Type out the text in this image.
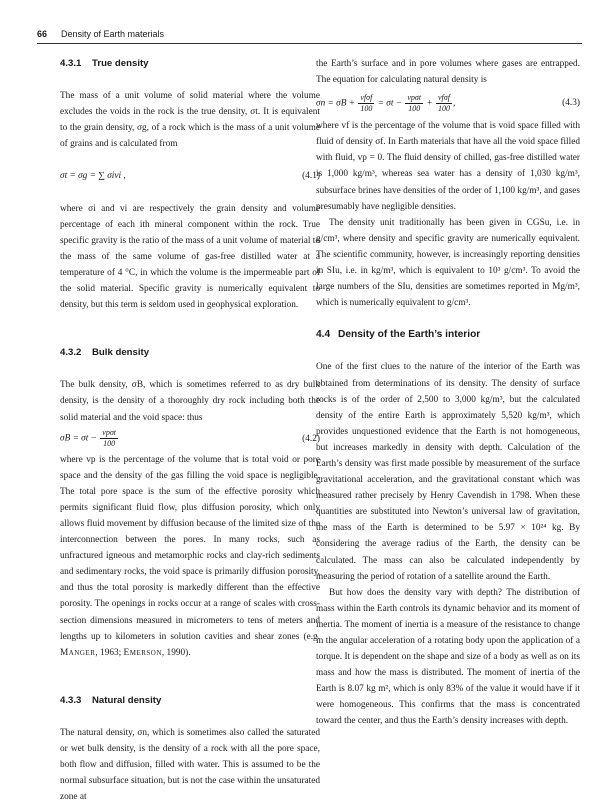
66 Density of Earth materials
4.3.1 True density

The mass of a unit volume of solid material where the volume excludes the voids in the rock is the true density, σt. It is equivalent to the grain density, σg, of a rock which is the mass of a unit volume of grains and is calculated from

σt = σg = ∑ σivi ,	(4.1)

where σi and vi are respectively the grain density and volume percentage of each ith mineral component within the rock. True specific gravity is the ratio of the mass of a unit volume of material to the mass of the same volume of gas-free distilled water at a temperature of 4 °C, in which the volume is the impermeable part of the solid material. Specific gravity is numerically equivalent to density, but this term is seldom used in geophysical exploration.

4.3.2 Bulk density

The bulk density, σB, which is sometimes referred to as dry bulk density, is the density of a thoroughly dry rock including both the solid material and the void space: thus

$\sigma B = \sigma t - \frac{\text{vpσt}}{100}$	(4.2)

where vp is the percentage of the volume that is total void or pore space and the density of the gas filling the void space is negligible. The total pore space is the sum of the effective porosity which permits significant fluid flow, plus diffusion porosity, which only allows fluid movement by diffusion because of the limited size of the interconnection between the pores. In many rocks, such as unfractured igneous and metamorphic rocks and clay-rich sediments and sedimentary rocks, the void space is primarily diffusion porosity, and thus the total porosity is markedly different than the effective porosity. The openings in rocks occur at a range of scales with cross-section dimensions measured in micrometers to tens of meters and lengths up to kilometers in solution cavities and shear zones (e.g. Manger, 1963; Emerson, 1990).

4.3.3 Natural density

The natural density, σn, which is sometimes also called the saturated or wet bulk density, is the density of a rock with all the pore space, both flow and diffusion, filled with water. This is assumed to be the normal subsurface situation, but is not the case within the unsaturated zone at

the Earth’s surface and in pore volumes where gases are entrapped. The equation for calculating natural density is

$\sigma n = \sigma B + \frac{\text{vfσf}}{100} = \sigma t - \frac{\text{vpσt}}{100} + \frac{\text{vfσf}}{100}$ ,	(4.3)

where vf is the percentage of the volume that is void space filled with fluid of density σf. In Earth materials that have all the void space filled with fluid, vp = 0. The fluid density of chilled, gas-free distilled water is 1,000 kg/m³, whereas sea water has a density of 1,030 kg/m³, subsurface brines have densities of the order of 1,100 kg/m³, and gases presumably have negligible densities.

The density unit traditionally has been given in CGSu, i.e. in g/cm³, where density and specific gravity are numerically equivalent. The scientific community, however, is increasingly reporting densities in SIu, i.e. in kg/m³, which is equivalent to 10³ g/cm³. To avoid the large numbers of the SIu, densities are sometimes reported in Mg/m³, which is numerically equivalent to g/cm³.

4.4 Density of the Earth’s interior

One of the first clues to the nature of the interior of the Earth was obtained from determinations of its density. The density of surface rocks is of the order of 2,500 to 3,000 kg/m³, but the calculated density of the entire Earth is approximately 5,520 kg/m³, which provides unquestioned evidence that the Earth is not homogeneous, but increases markedly in density with depth. Calculation of the Earth’s density was first made possible by measurement of the surface gravitational acceleration, and the gravitational constant which was measured rather precisely by Henry Cavendish in 1798. When these quantities are substituted into Newton’s universal law of gravitation, the mass of the Earth is determined to be 5.97 × 10²⁴ kg. By considering the average radius of the Earth, the density can be calculated. The mass can also be calculated independently by measuring the period of rotation of a satellite around the Earth.

But how does the density vary with depth? The distribution of mass within the Earth controls its dynamic behavior and its moment of inertia. The moment of inertia is a measure of the resistance to change in the angular acceleration of a rotating body upon the application of a torque. It is dependent on the shape and size of a body as well as on its mass and how the mass is distributed. The moment of inertia of the Earth is 8.07 kg m², which is only 83% of the value it would have if it were homogeneous. This confirms that the mass is concentrated toward the center, and thus the Earth’s density increases with depth.
